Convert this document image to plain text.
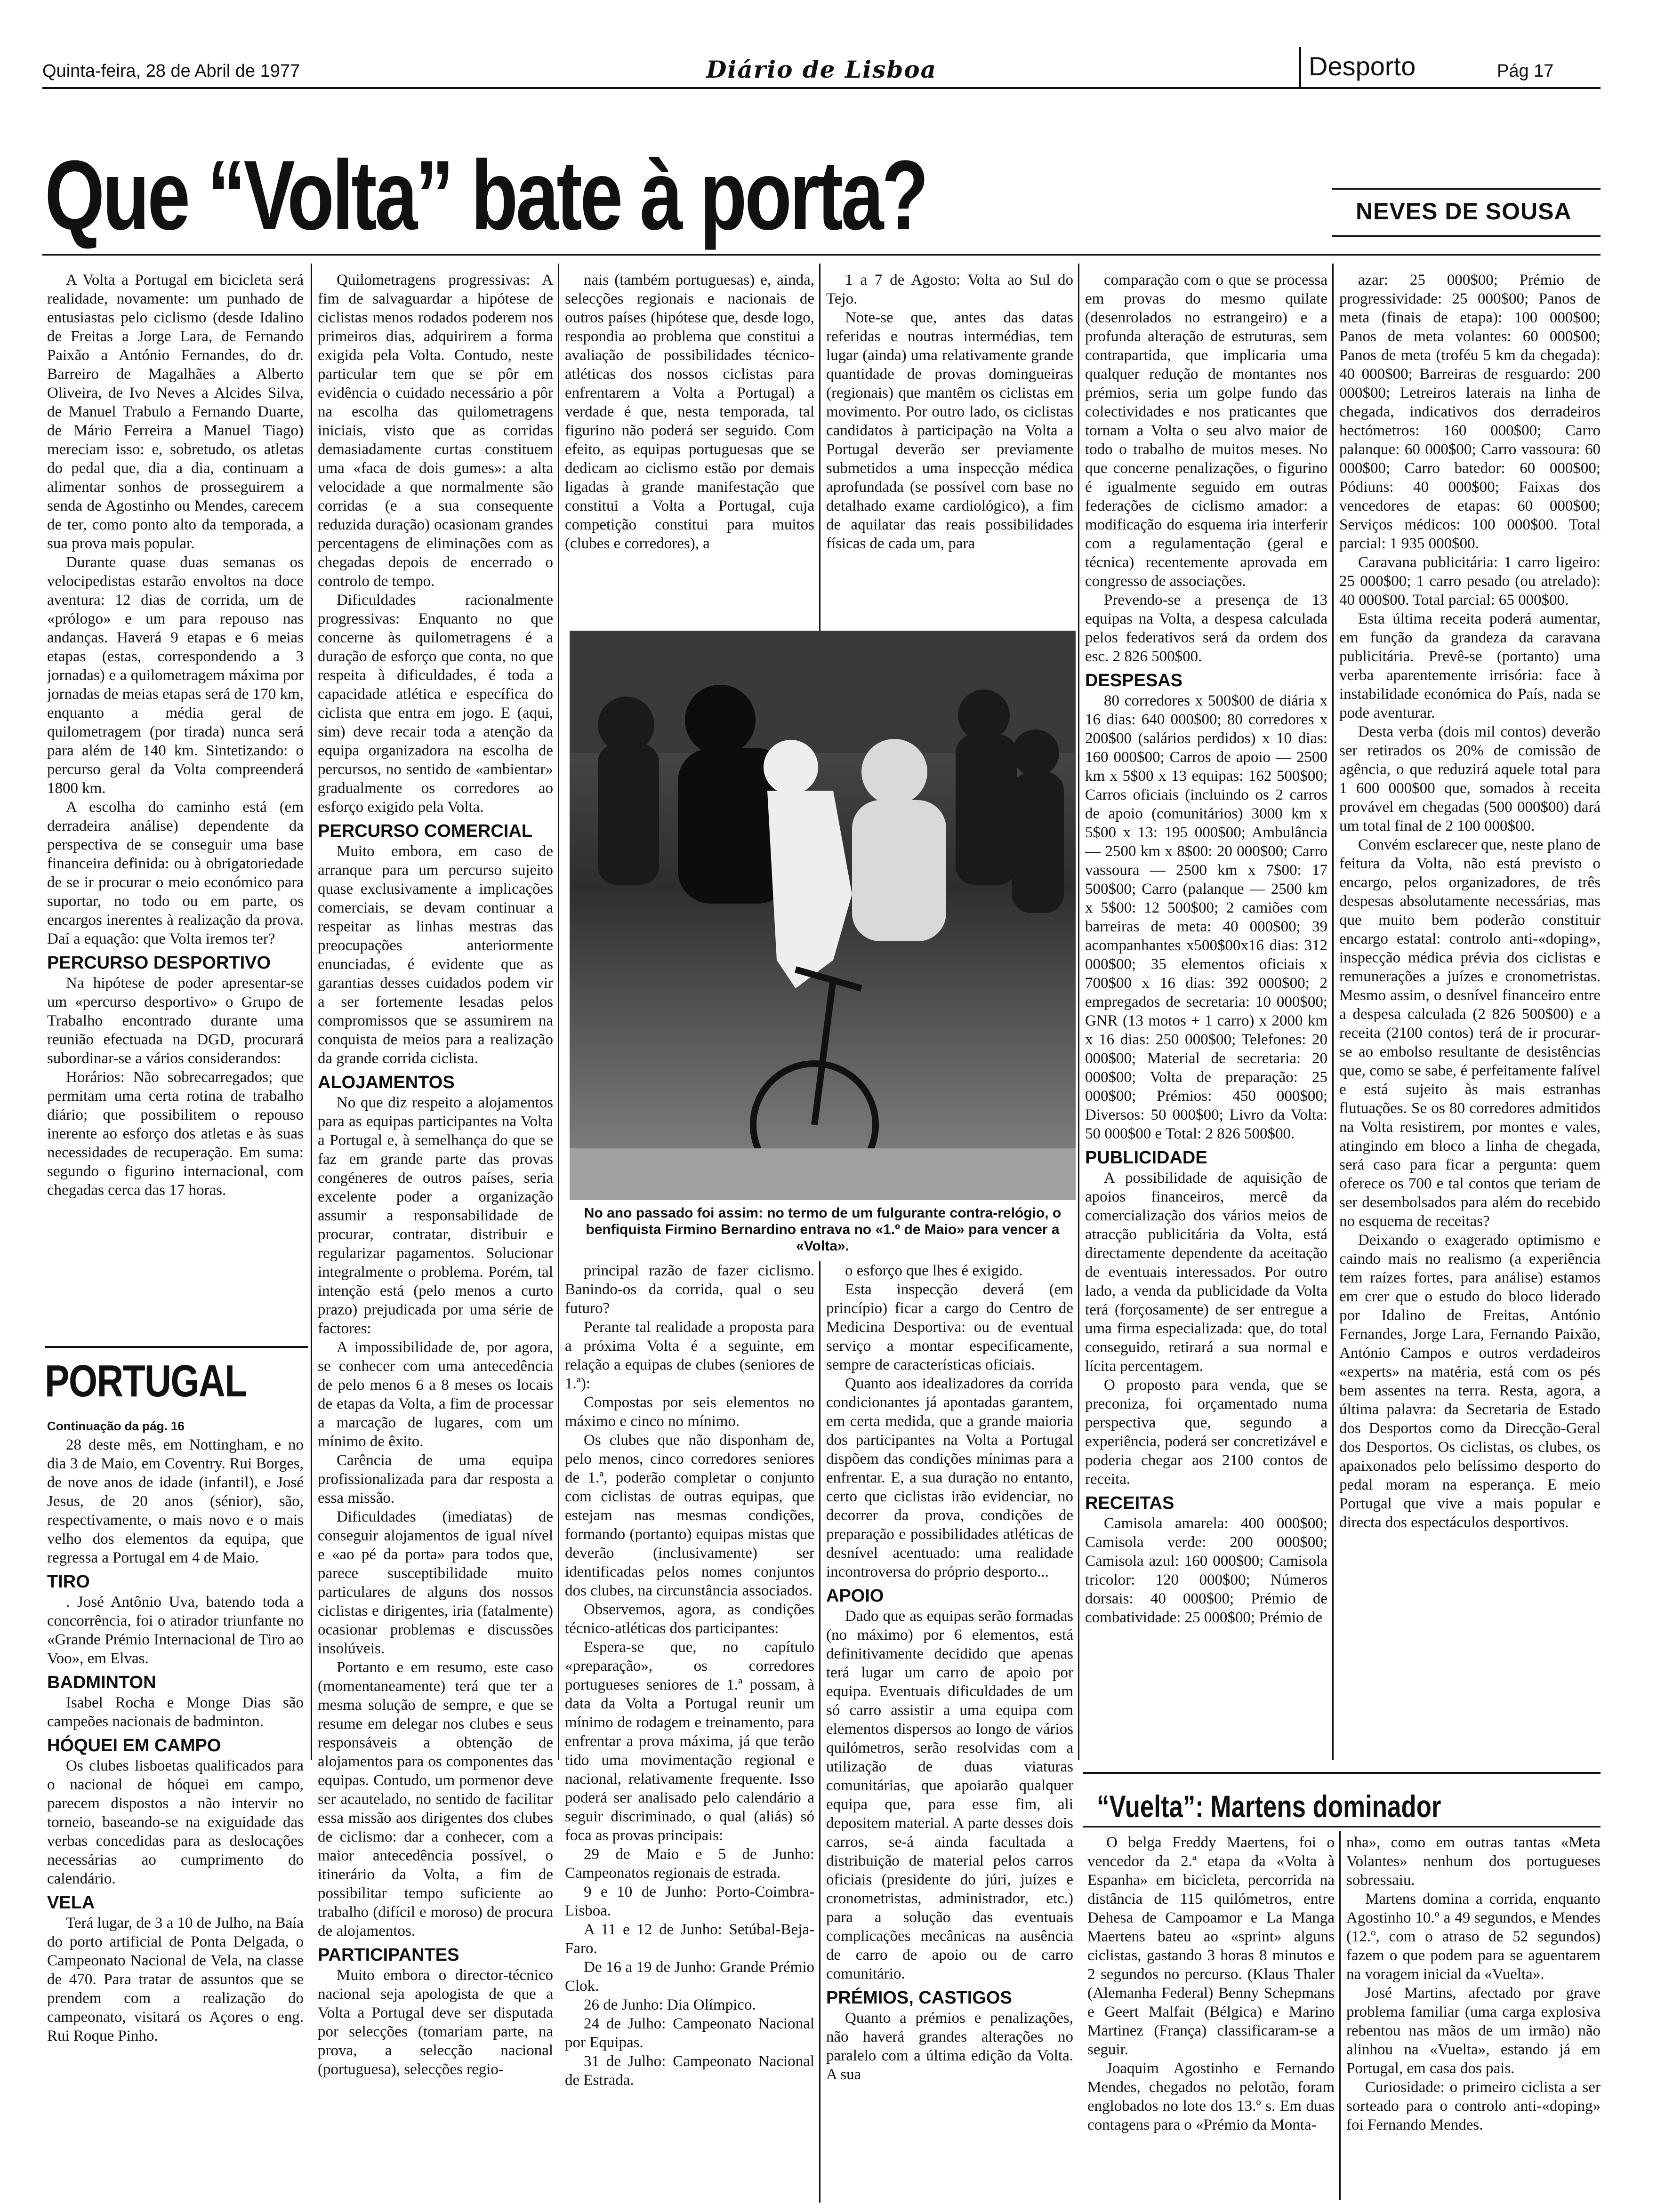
Quinta-feira, 28 de Abril de 1977	Diário de Lisboa	Desporto	Pág 17
Que “Volta” bate à porta?	NEVES DE SOUSA

A Volta a Portugal em bicicleta será realidade, novamente: um punhado de entusiastas pelo ciclismo (desde Idalino de Freitas a Jorge Lara, de Fernando Paixão a António Fernandes, do dr. Barreiro de Magalhães a Alberto Oliveira, de Ivo Neves a Alcides Silva, de Manuel Trabulo a Fernando Duarte, de Mário Ferreira a Manuel Tiago) mereciam isso: e, sobretudo, os atletas do pedal que, dia a dia, continuam a alimentar sonhos de prosseguirem a senda de Agostinho ou Mendes, carecem de ter, como ponto alto da temporada, a sua prova mais popular.

Durante quase duas semanas os velocipedistas estarão envoltos na doce aventura: 12 dias de corrida, um de «prólogo» e um para repouso nas andanças. Haverá 9 etapas e 6 meias etapas (estas, correspondendo a 3 jornadas) e a quilometragem máxima por jornadas de meias etapas será de 170 km, enquanto a média geral de quilometragem (por tirada) nunca será para além de 140 km. Sintetizando: o percurso geral da Volta compreenderá 1800 km.

A escolha do caminho está (em derradeira análise) dependente da perspectiva de se conseguir uma base financeira definida: ou à obrigatoriedade de se ir procurar o meio económico para suportar, no todo ou em parte, os encargos inerentes à realização da prova. Daí a equação: que Volta iremos ter?

PERCURSO DESPORTIVO

Na hipótese de poder apresentar-se um «percurso desportivo» o Grupo de Trabalho encontrado durante uma reunião efectuada na DGD, procurará subordinar-se a vários considerandos:

Horários: Não sobrecarregados; que permitam uma certa rotina de trabalho diário; que possibilitem o repouso inerente ao esforço dos atletas e às suas necessidades de recuperação. Em suma: segundo o figurino internacional, com chegadas cerca das 17 horas.

PORTUGAL
Continuação da pág. 16

28 deste mês, em Nottingham, e no dia 3 de Maio, em Coventry. Rui Borges, de nove anos de idade (infantil), e José Jesus, de 20 anos (sénior), são, respectivamente, o mais novo e o mais velho dos elementos da equipa, que regressa a Portugal em 4 de Maio.

TIRO

. José Antônio Uva, batendo toda a concorrência, foi o atirador triunfante no «Grande Prémio Internacional de Tiro ao Voo», em Elvas.

BADMINTON

Isabel Rocha e Monge Dias são campeões nacionais de badminton.

HÓQUEI EM CAMPO

Os clubes lisboetas qualificados para o nacional de hóquei em campo, parecem dispostos a não intervir no torneio, baseando-se na exiguidade das verbas concedidas para as deslocações necessárias ao cumprimento do calendário.

VELA

Terá lugar, de 3 a 10 de Julho, na Baía do porto artificial de Ponta Delgada, o Campeonato Nacional de Vela, na classe de 470. Para tratar de assuntos que se prendem com a realização do campeonato, visitará os Açores o eng. Rui Roque Pinho.

Quilometragens progressivas: A fim de salvaguardar a hipótese de ciclistas menos rodados poderem nos primeiros dias, adquirirem a forma exigida pela Volta. Contudo, neste particular tem que se pôr em evidência o cuidado necessário a pôr na escolha das quilometragens iniciais, visto que as corridas demasiadamente curtas constituem uma «faca de dois gumes»: a alta velocidade a que normalmente são corridas (e a sua consequente reduzida duração) ocasionam grandes percentagens de eliminações com as chegadas depois de encerrado o controlo de tempo.

Dificuldades racionalmente progressivas: Enquanto no que concerne às quilometragens é a duração de esforço que conta, no que respeita à dificuldades, é toda a capacidade atlética e específica do ciclista que entra em jogo. E (aqui, sim) deve recair toda a atenção da equipa organizadora na escolha de percursos, no sentido de «ambientar» gradualmente os corredores ao esforço exigido pela Volta.

PERCURSO COMERCIAL

Muito embora, em caso de arranque para um percurso sujeito quase exclusivamente a implicações comerciais, se devam continuar a respeitar as linhas mestras das preocupações anteriormente enunciadas, é evidente que as garantias desses cuidados podem vir a ser fortemente lesadas pelos compromissos que se assumirem na conquista de meios para a realização da grande corrida ciclista.

ALOJAMENTOS

No que diz respeito a alojamentos para as equipas participantes na Volta a Portugal e, à semelhança do que se faz em grande parte das provas congéneres de outros países, seria excelente poder a organização assumir a responsabilidade de procurar, contratar, distribuir e regularizar pagamentos. Solucionar integralmente o problema. Porém, tal intenção está (pelo menos a curto prazo) prejudicada por uma série de factores:

A impossibilidade de, por agora, se conhecer com uma antecedência de pelo menos 6 a 8 meses os locais de etapas da Volta, a fim de processar a marcação de lugares, com um mínimo de êxito.

Carência de uma equipa profissionalizada para dar resposta a essa missão.

Dificuldades (imediatas) de conseguir alojamentos de igual nível e «ao pé da porta» para todos que, parece susceptibilidade muito particulares de alguns dos nossos ciclistas e dirigentes, iria (fatalmente) ocasionar problemas e discussões insolúveis.

Portanto e em resumo, este caso (momentaneamente) terá que ter a mesma solução de sempre, e que se resume em delegar nos clubes e seus responsáveis a obtenção de alojamentos para os componentes das equipas. Contudo, um pormenor deve ser acautelado, no sentido de facilitar essa missão aos dirigentes dos clubes de ciclismo: dar a conhecer, com a maior antecedência possível, o itinerário da Volta, a fim de possibilitar tempo suficiente ao trabalho (difícil e moroso) de procura de alojamentos.

PARTICIPANTES

Muito embora o director-técnico nacional seja apologista de que a Volta a Portugal deve ser disputada por selecções (tomariam parte, na prova, a selecção nacional (portuguesa), selecções regio-

nais (também portuguesas) e, ainda, selecções regionais e nacionais de outros países (hipótese que, desde logo, respondia ao problema que constitui a avaliação de possibilidades técnico-atléticas dos nossos ciclistas para enfrentarem a Volta a Portugal) a verdade é que, nesta temporada, tal figurino não poderá ser seguido. Com efeito, as equipas portuguesas que se dedicam ao ciclismo estão por demais ligadas à grande manifestação que constitui a Volta a Portugal, cuja competição constitui para muitos (clubes e corredores), a

1 a 7 de Agosto: Volta ao Sul do Tejo.

Note-se que, antes das datas referidas e noutras intermédias, tem lugar (ainda) uma relativamente grande quantidade de provas domingueiras (regionais) que mantêm os ciclistas em movimento. Por outro lado, os ciclistas candidatos à participação na Volta a Portugal deverão ser previamente submetidos a uma inspecção médica aprofundada (se possível com base no detalhado exame cardiológico), a fim de aquilatar das reais possibilidades físicas de cada um, para

No ano passado foi assim: no termo de um fulgurante contra-relógio, o benfiquista Firmino Bernardino entrava no «1.º de Maio» para vencer a «Volta».

principal razão de fazer ciclismo. Banindo-os da corrida, qual o seu futuro?

Perante tal realidade a proposta para a próxima Volta é a seguinte, em relação a equipas de clubes (seniores de 1.ª):

Compostas por seis elementos no máximo e cinco no mínimo.

Os clubes que não disponham de, pelo menos, cinco corredores seniores de 1.ª, poderão completar o conjunto com ciclistas de outras equipas, que estejam nas mesmas condições, formando (portanto) equipas mistas que deverão (inclusivamente) ser identificadas pelos nomes conjuntos dos clubes, na circunstância associados.

Observemos, agora, as condições técnico-atléticas dos participantes:

Espera-se que, no capítulo «preparação», os corredores portugueses seniores de 1.ª possam, à data da Volta a Portugal reunir um mínimo de rodagem e treinamento, para enfrentar a prova máxima, já que terão tido uma movimentação regional e nacional, relativamente frequente. Isso poderá ser analisado pelo calendário a seguir discriminado, o qual (aliás) só foca as provas principais:

29 de Maio e 5 de Junho: Campeonatos regionais de estrada.

9 e 10 de Junho: Porto-Coimbra-Lisboa.

A 11 e 12 de Junho: Setúbal-Beja-Faro.

De 16 a 19 de Junho: Grande Prémio Clok.

26 de Junho: Dia Olímpico.

24 de Julho: Campeonato Nacional por Equipas.

31 de Julho: Campeonato Nacional de Estrada.

o esforço que lhes é exigido.

Esta inspecção deverá (em princípio) ficar a cargo do Centro de Medicina Desportiva: ou de eventual serviço a montar especificamente, sempre de características oficiais.

Quanto aos idealizadores da corrida condicionantes já apontadas garantem, em certa medida, que a grande maioria dos participantes na Volta a Portugal dispõem das condições mínimas para a enfrentar. E, a sua duração no entanto, certo que ciclistas irão evidenciar, no decorrer da prova, condições de preparação e possibilidades atléticas de desnível acentuado: uma realidade incontroversa do próprio desporto...

APOIO

Dado que as equipas serão formadas (no máximo) por 6 elementos, está definitivamente decidido que apenas terá lugar um carro de apoio por equipa. Eventuais dificuldades de um só carro assistir a uma equipa com elementos dispersos ao longo de vários quilómetros, serão resolvidas com a utilização de duas viaturas comunitárias, que apoiarão qualquer equipa que, para esse fim, ali depositem material. A parte desses dois carros, se-á ainda facultada a distribuição de material pelos carros oficiais (presidente do júri, juízes e cronometristas, administrador, etc.) para a solução das eventuais complicações mecânicas na ausência de carro de apoio ou de carro comunitário.

PRÉMIOS, CASTIGOS

Quanto a prémios e penalizações, não haverá grandes alterações no paralelo com a última edição da Volta. A sua

comparação com o que se processa em provas do mesmo quilate (desenrolados no estrangeiro) e a profunda alteração de estruturas, sem contrapartida, que implicaria uma qualquer redução de montantes nos prémios, seria um golpe fundo das colectividades e nos praticantes que tornam a Volta o seu alvo maior de todo o trabalho de muitos meses. No que concerne penalizações, o figurino é igualmente seguido em outras federações de ciclismo amador: a modificação do esquema iria interferir com a regulamentação (geral e técnica) recentemente aprovada em congresso de associações.

Prevendo-se a presença de 13 equipas na Volta, a despesa calculada pelos federativos será da ordem dos esc. 2 826 500$00.

DESPESAS

80 corredores x 500$00 de diária x 16 dias: 640 000$00; 80 corredores x 200$00 (salários perdidos) x 10 dias: 160 000$00; Carros de apoio — 2500 km x 5$00 x 13 equipas: 162 500$00; Carros oficiais (incluindo os 2 carros de apoio (comunitários) 3000 km x 5$00 x 13: 195 000$00; Ambulância — 2500 km x 8$00: 20 000$00; Carro vassoura — 2500 km x 7$00: 17 500$00; Carro (palanque — 2500 km x 5$00: 12 500$00; 2 camiões com barreiras de meta: 40 000$00; 39 acompanhantes x500$00x16 dias: 312 000$00; 35 elementos oficiais x 700$00 x 16 dias: 392 000$00; 2 empregados de secretaria: 10 000$00; GNR (13 motos + 1 carro) x 2000 km x 16 dias: 250 000$00; Telefones: 20 000$00; Material de secretaria: 20 000$00; Volta de preparação: 25 000$00; Prémios: 450 000$00; Diversos: 50 000$00; Livro da Volta: 50 000$00 e Total: 2 826 500$00.

PUBLICIDADE

A possibilidade de aquisição de apoios financeiros, mercê da comercialização dos vários meios de atracção publicitária da Volta, está directamente dependente da aceitação de eventuais interessados. Por outro lado, a venda da publicidade da Volta terá (forçosamente) de ser entregue a uma firma especializada: que, do total conseguido, retirará a sua normal e lícita percentagem.

O proposto para venda, que se preconiza, foi orçamentado numa perspectiva que, segundo a experiência, poderá ser concretizável e poderia chegar aos 2100 contos de receita.

RECEITAS

Camisola amarela: 400 000$00; Camisola verde: 200 000$00; Camisola azul: 160 000$00; Camisola tricolor: 120 000$00; Números dorsais: 40 000$00; Prémio de combatividade: 25 000$00; Prémio de

azar: 25 000$00; Prémio de progressividade: 25 000$00; Panos de meta (finais de etapa): 100 000$00; Panos de meta volantes: 60 000$00; Panos de meta (troféu 5 km da chegada): 40 000$00; Barreiras de resguardo: 200 000$00; Letreiros laterais na linha de chegada, indicativos dos derradeiros hectómetros: 160 000$00; Carro palanque: 60 000$00; Carro vassoura: 60 000$00; Carro batedor: 60 000$00; Pódiuns: 40 000$00; Faixas dos vencedores de etapas: 60 000$00; Serviços médicos: 100 000$00. Total parcial: 1 935 000$00.

Caravana publicitária: 1 carro ligeiro: 25 000$00; 1 carro pesado (ou atrelado): 40 000$00. Total parcial: 65 000$00.

Esta última receita poderá aumentar, em função da grandeza da caravana publicitária. Prevê-se (portanto) uma verba aparentemente irrisória: face à instabilidade económica do País, nada se pode aventurar.

Desta verba (dois mil contos) deverão ser retirados os 20% de comissão de agência, o que reduzirá aquele total para 1 600 000$00 que, somados à receita provável em chegadas (500 000$00) dará um total final de 2 100 000$00.

Convém esclarecer que, neste plano de feitura da Volta, não está previsto o encargo, pelos organizadores, de três despesas absolutamente necessárias, mas que muito bem poderão constituir encargo estatal: controlo anti-«doping», inspecção médica prévia dos ciclistas e remunerações a juízes e cronometristas. Mesmo assim, o desnível financeiro entre a despesa calculada (2 826 500$00) e a receita (2100 contos) terá de ir procurar-se ao embolso resultante de desistências que, como se sabe, é perfeitamente falível e está sujeito às mais estranhas flutuações. Se os 80 corredores admitidos na Volta resistirem, por montes e vales, atingindo em bloco a linha de chegada, será caso para ficar a pergunta: quem oferece os 700 e tal contos que teriam de ser desembolsados para além do recebido no esquema de receitas?

Deixando o exagerado optimismo e caindo mais no realismo (a experiência tem raízes fortes, para análise) estamos em crer que o estudo do bloco liderado por Idalino de Freitas, António Fernandes, Jorge Lara, Fernando Paixão, António Campos e outros verdadeiros «experts» na matéria, está com os pés bem assentes na terra. Resta, agora, a última palavra: da Secretaria de Estado dos Desportos como da Direcção-Geral dos Desportos. Os ciclistas, os clubes, os apaixonados pelo belíssimo desporto do pedal moram na esperança. E meio Portugal que vive a mais popular e directa dos espectáculos desportivos.

“Vuelta”: Martens dominador

O belga Freddy Maertens, foi o vencedor da 2.ª etapa da «Volta à Espanha» em bicicleta, percorrida na distância de 115 quilómetros, entre Dehesa de Campoamor e La Manga Maertens bateu ao «sprint» alguns ciclistas, gastando 3 horas 8 minutos e 2 segundos no percurso. (Klaus Thaler (Alemanha Federal) Benny Schepmans e Geert Malfait (Bélgica) e Marino Martinez (França) classificaram-se a seguir.

Joaquim Agostinho e Fernando Mendes, chegados no pelotão, foram englobados no lote dos 13.º s. Em duas contagens para o «Prémio da Monta-

nha», como em outras tantas «Meta Volantes» nenhum dos portugueses sobressaiu.

Martens domina a corrida, enquanto Agostinho 10.º a 49 segundos, e Mendes (12.º, com o atraso de 52 segundos) fazem o que podem para se aguentarem na voragem inicial da «Vuelta».

José Martins, afectado por grave problema familiar (uma carga explosiva rebentou nas mãos de um irmão) não alinhou na «Vuelta», estando já em Portugal, em casa dos pais.

Curiosidade: o primeiro ciclista a ser sorteado para o controlo anti-«doping» foi Fernando Mendes.
